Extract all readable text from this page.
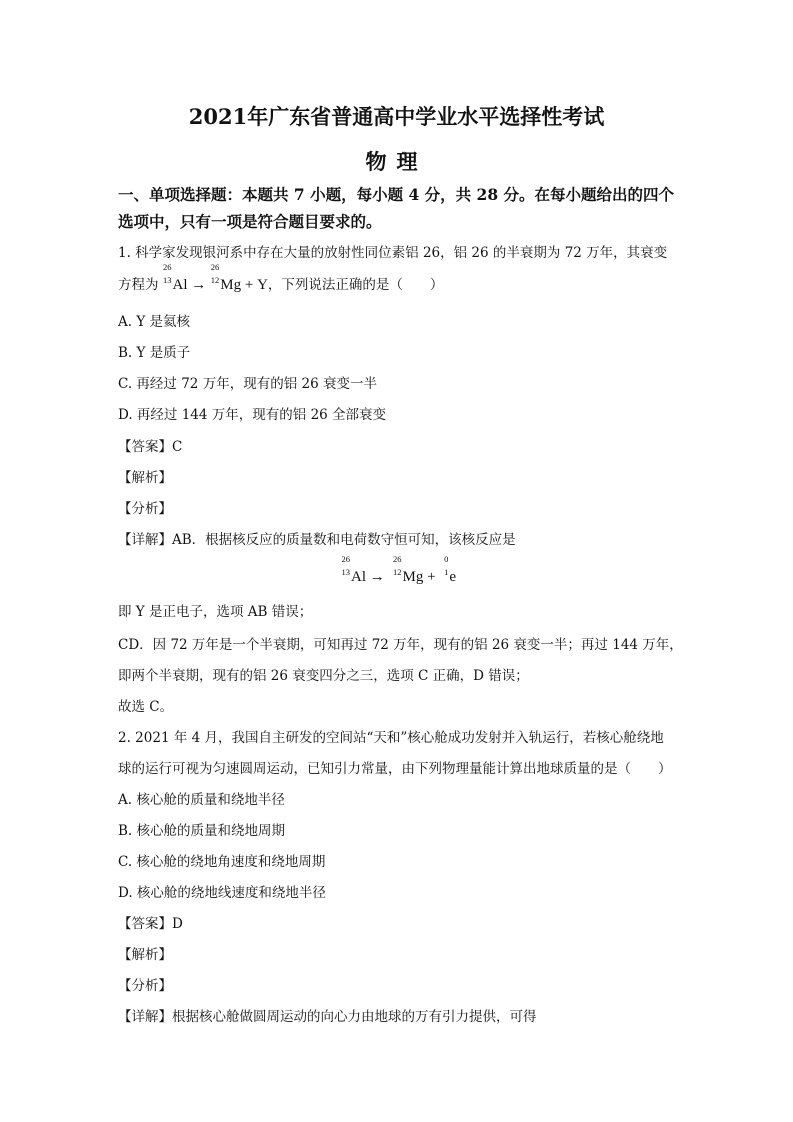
2021年广东省普通高中学业水平选择性考试
物理
一、单项选择题：本题共 7 小题，每小题 4 分，共 28 分。在每小题给出的四个
选项中，只有一项是符合题目要求的。
1. 科学家发现银河系中存在大量的放射性同位素铝 26，铝 26 的半衰期为 72 万年，其衰变
方程为
26
13 Al →
26
12 Mg + Y，下列说法正确的是（　　）
A. Y 是氦核
B. Y 是质子
C. 再经过 72 万年，现有的铝 26 衰变一半
D. 再经过 144 万年，现有的铝 26 全部衰变
【答案】C
【解析】
【分析】
【详解】AB．根据核反应的质量数和电荷数守恒可知，该核反应是
26
13 Al →
26
12 Mg +
0
1 e
即 Y 是正电子，选项 AB 错误；
CD．因 72 万年是一个半衰期，可知再过 72 万年，现有的铝 26 衰变一半；再过 144 万年，
即两个半衰期，现有的铝 26 衰变四分之三，选项 C 正确，D 错误；
故选 C。
2. 2021 年 4 月，我国自主研发的空间站“天和”核心舱成功发射并入轨运行，若核心舱绕地
球的运行可视为匀速圆周运动，已知引力常量，由下列物理量能计算出地球质量的是（　　）
A. 核心舱的质量和绕地半径
B. 核心舱的质量和绕地周期
C. 核心舱的绕地角速度和绕地周期
D. 核心舱的绕地线速度和绕地半径
【答案】D
【解析】
【分析】
【详解】根据核心舱做圆周运动的向心力由地球的万有引力提供，可得
